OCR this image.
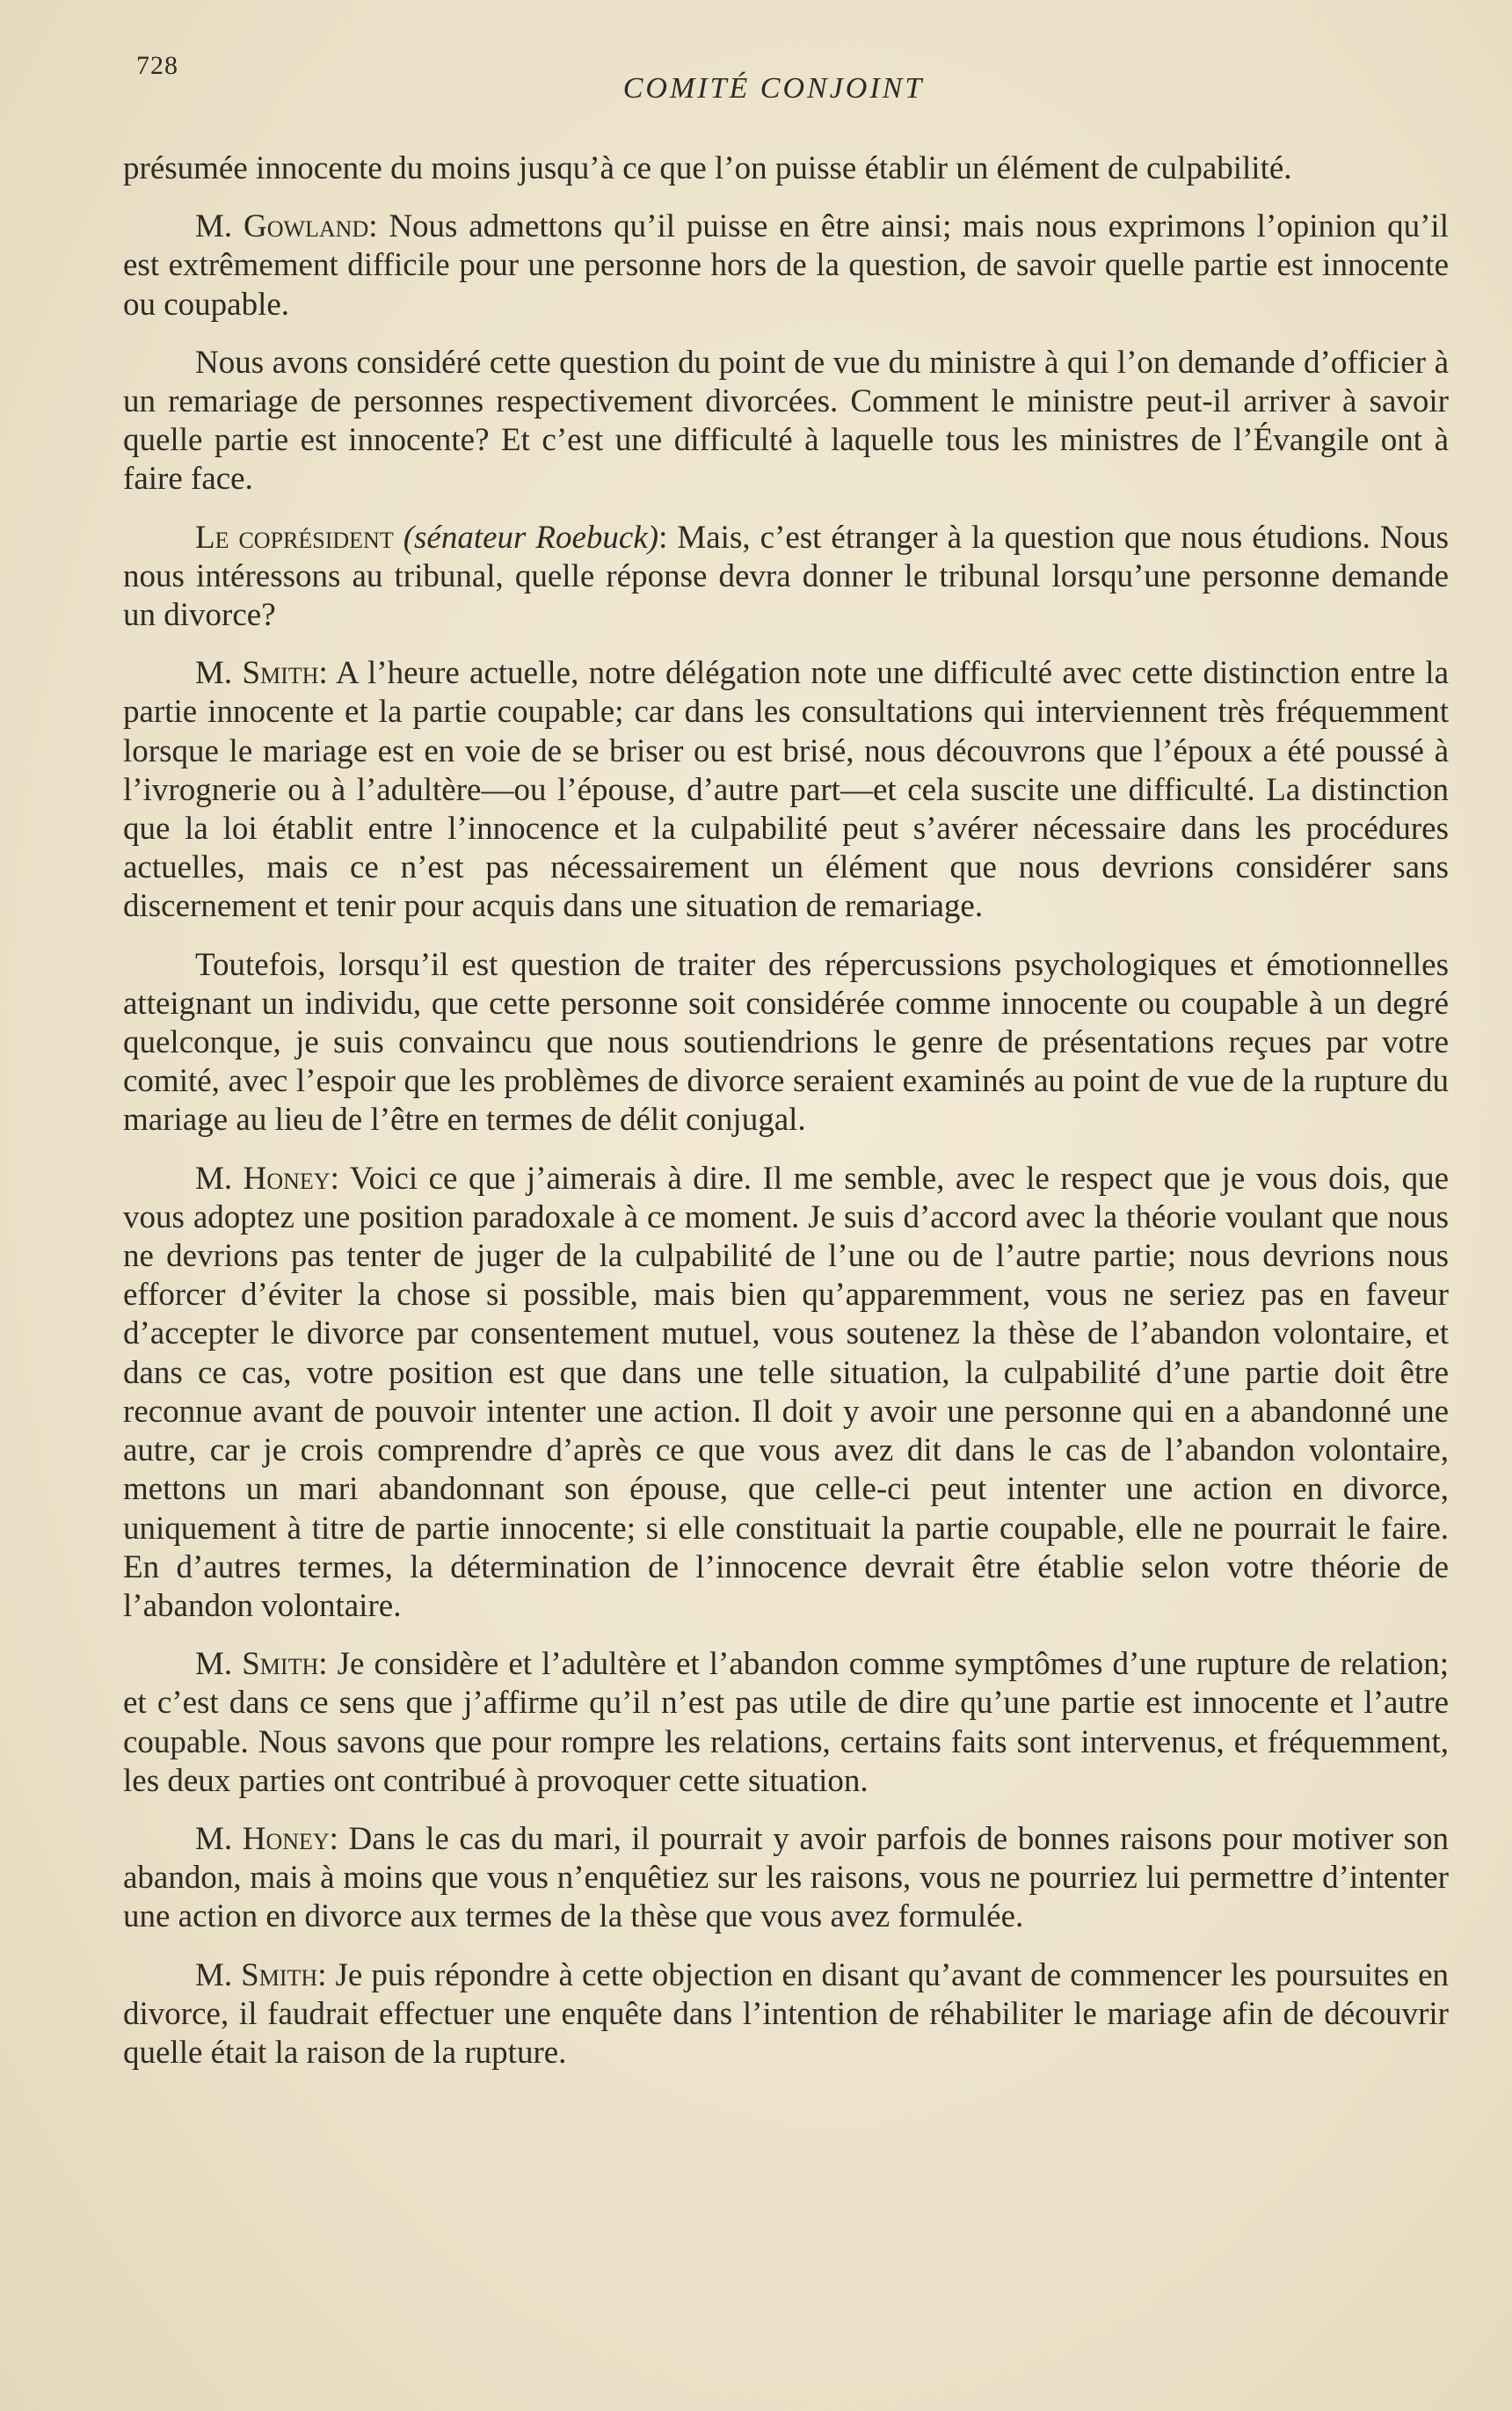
728
COMITÉ CONJOINT

présumée innocente du moins jusqu’à ce que l’on puisse établir un élément de culpabilité.

M. Gowland: Nous admettons qu’il puisse en être ainsi; mais nous exprimons l’opinion qu’il est extrêmement difficile pour une personne hors de la question, de savoir quelle partie est innocente ou coupable.

Nous avons considéré cette question du point de vue du ministre à qui l’on demande d’officier à un remariage de personnes respectivement divorcées. Comment le ministre peut-il arriver à savoir quelle partie est innocente? Et c’est une difficulté à laquelle tous les ministres de l’Évangile ont à faire face.

Le coprésident (sénateur Roebuck): Mais, c’est étranger à la question que nous étudions. Nous nous intéressons au tribunal, quelle réponse devra donner le tribunal lorsqu’une personne demande un divorce?

M. Smith: A l’heure actuelle, notre délégation note une difficulté avec cette distinction entre la partie innocente et la partie coupable; car dans les consultations qui interviennent très fréquemment lorsque le mariage est en voie de se briser ou est brisé, nous découvrons que l’époux a été poussé à l’ivrognerie ou à l’adultère—ou l’épouse, d’autre part—et cela suscite une difficulté. La distinction que la loi établit entre l’innocence et la culpabilité peut s’avérer nécessaire dans les procédures actuelles, mais ce n’est pas nécessairement un élément que nous devrions considérer sans discernement et tenir pour acquis dans une situation de remariage.

Toutefois, lorsqu’il est question de traiter des répercussions psychologiques et émotionnelles atteignant un individu, que cette personne soit considérée comme innocente ou coupable à un degré quelconque, je suis convaincu que nous soutiendrions le genre de présentations reçues par votre comité, avec l’espoir que les problèmes de divorce seraient examinés au point de vue de la rupture du mariage au lieu de l’être en termes de délit conjugal.

M. Honey: Voici ce que j’aimerais à dire. Il me semble, avec le respect que je vous dois, que vous adoptez une position paradoxale à ce moment. Je suis d’accord avec la théorie voulant que nous ne devrions pas tenter de juger de la culpabilité de l’une ou de l’autre partie; nous devrions nous efforcer d’éviter la chose si possible, mais bien qu’apparemment, vous ne seriez pas en faveur d’accepter le divorce par consentement mutuel, vous soutenez la thèse de l’abandon volontaire, et dans ce cas, votre position est que dans une telle situation, la culpabilité d’une partie doit être reconnue avant de pouvoir intenter une action. Il doit y avoir une personne qui en a abandonné une autre, car je crois comprendre d’après ce que vous avez dit dans le cas de l’abandon volontaire, mettons un mari abandonnant son épouse, que celle-ci peut intenter une action en divorce, uniquement à titre de partie innocente; si elle constituait la partie coupable, elle ne pourrait le faire. En d’autres termes, la détermination de l’innocence devrait être établie selon votre théorie de l’abandon volontaire.

M. Smith: Je considère et l’adultère et l’abandon comme symptômes d’une rupture de relation; et c’est dans ce sens que j’affirme qu’il n’est pas utile de dire qu’une partie est innocente et l’autre coupable. Nous savons que pour rompre les relations, certains faits sont intervenus, et fréquemment, les deux parties ont contribué à provoquer cette situation.

M. Honey: Dans le cas du mari, il pourrait y avoir parfois de bonnes raisons pour motiver son abandon, mais à moins que vous n’enquêtiez sur les raisons, vous ne pourriez lui permettre d’intenter une action en divorce aux termes de la thèse que vous avez formulée.

M. Smith: Je puis répondre à cette objection en disant qu’avant de commencer les poursuites en divorce, il faudrait effectuer une enquête dans l’intention de réhabiliter le mariage afin de découvrir quelle était la raison de la rupture.
